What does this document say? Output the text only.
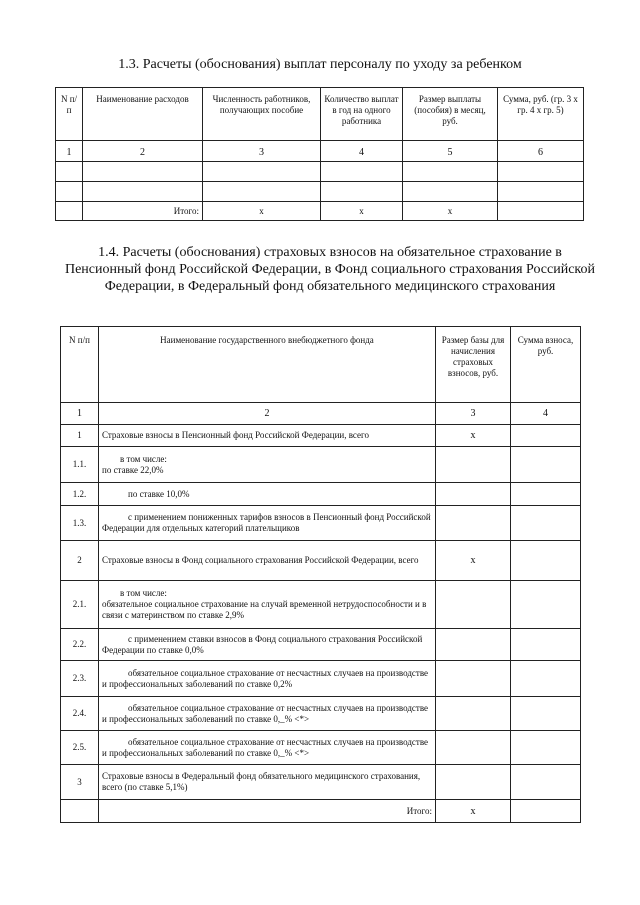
1.3. Расчеты (обоснования) выплат персоналу по уходу за ребенком
N п/п	Наименование расходов	Численность работников, получающих пособие	Количество выплат в год на одного работника	Размер выплаты (пособия) в месяц, руб.	Сумма, руб. (гр. 3 x гр. 4 x гр. 5)
1	2	3	4	5	6

	Итого:	x	x	x	
1.4. Расчеты (обоснования) страховых взносов на обязательное страхование в Пенсионный фонд Российской Федерации, в Фонд социального страхования Российской Федерации, в Федеральный фонд обязательного медицинского страхования
N п/п	Наименование государственного внебюджетного фонда	Размер базы для начисления страховых взносов, руб.	Сумма взноса, руб.
1	2	3	4
1	Страховые взносы в Пенсионный фонд Российской Федерации, всего	x	
1.1.	в том числе:
по ставке 22,0%		

1.2.	по ставке 10,0%		
1.3.	с применением пониженных тарифов взносов в Пенсионный фонд Российской Федерации для отдельных категорий плательщиков		
2	Страховые взносы в Фонд социального страхования Российской Федерации, всего	x	
2.1.	в том числе:
обязательное социальное страхование на случай временной нетрудоспособности и в связи с материнством по ставке 2,9%		

2.2.	с применением ставки взносов в Фонд социального страхования Российской Федерации по ставке 0,0%		
2.3.	обязательное социальное страхование от несчастных случаев на производстве и профессиональных заболеваний по ставке 0,2%		
2.4.	обязательное социальное страхование от несчастных случаев на производстве и профессиональных заболеваний по ставке 0,_% <*>		
2.5.	обязательное социальное страхование от несчастных случаев на производстве и профессиональных заболеваний по ставке 0,_% <*>		
3	Страховые взносы в Федеральный фонд обязательного медицинского страхования, всего (по ставке 5,1%)		
	Итого:	x	
